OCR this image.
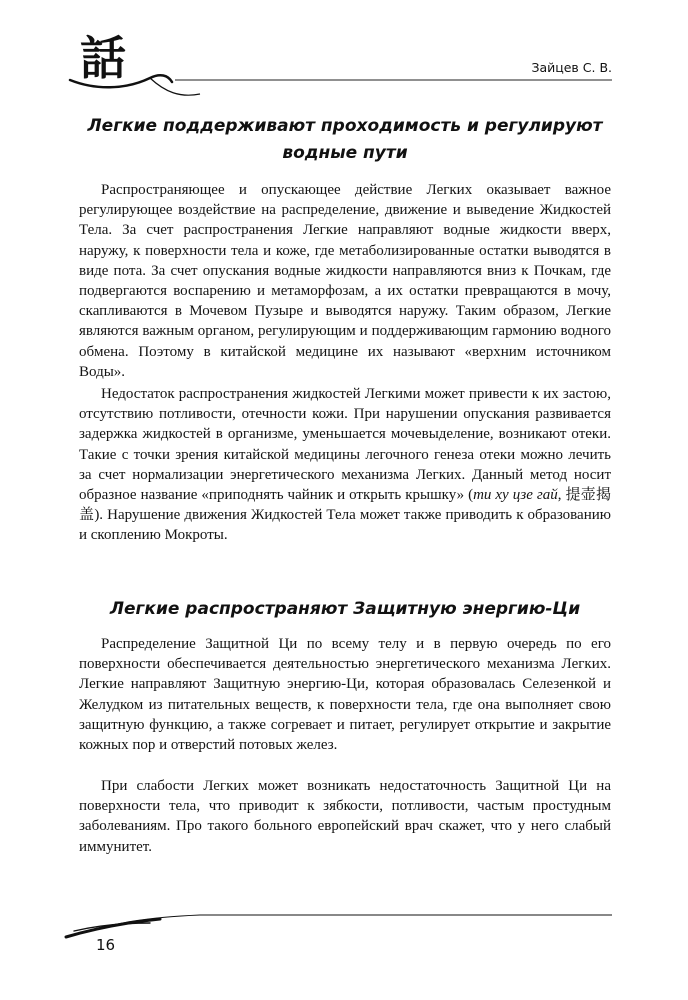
話	Зайцев С. В.
Легкие поддерживают проходимость и регулируют водные пути
Распространяющее и опускающее действие Легких оказывает важное регулирующее воздействие на распределение, движение и выведение Жидкостей Тела. За счет распространения Легкие направляют водные жидкости вверх, наружу, к поверхности тела и коже, где метаболизированные остатки выводятся в виде пота. За счет опускания водные жидкости направляются вниз к Почкам, где подвергаются воспарению и метаморфозам, а их остатки превращаются в мочу, скапливаются в Мочевом Пузыре и выводятся наружу. Таким образом, Легкие являются важным органом, регулирующим и поддерживающим гармонию водного обмена. Поэтому в китайской медицине их называют «верхним источником Воды».
Недостаток распространения жидкостей Легкими может привести к их застою, отсутствию потливости, отечности кожи. При нарушении опускания развивается задержка жидкостей в организме, уменьшается мочевыделение, возникают отеки. Такие с точки зрения китайской медицины легочного генеза отеки можно лечить за счет нормализации энергетического механизма Легких. Данный метод носит образное название «приподнять чайник и открыть крышку» (ти ху цзе гай, 提壶揭盖). Нарушение движения Жидкостей Тела может также приводить к образованию и скоплению Мокроты.
Легкие распространяют Защитную энергию-Ци
Распределение Защитной Ци по всему телу и в первую очередь по его поверхности обеспечивается деятельностью энергетического механизма Легких. Легкие направляют Защитную энергию-Ци, которая образовалась Селезенкой и Желудком из питательных веществ, к поверхности тела, где она выполняет свою защитную функцию, а также согревает и питает, регулирует открытие и закрытие кожных пор и отверстий потовых желез.
При слабости Легких может возникать недостаточность Защитной Ци на поверхности тела, что приводит к зябкости, потливости, частым простудным заболеваниям. Про такого больного европейский врач скажет, что у него слабый иммунитет.
16
